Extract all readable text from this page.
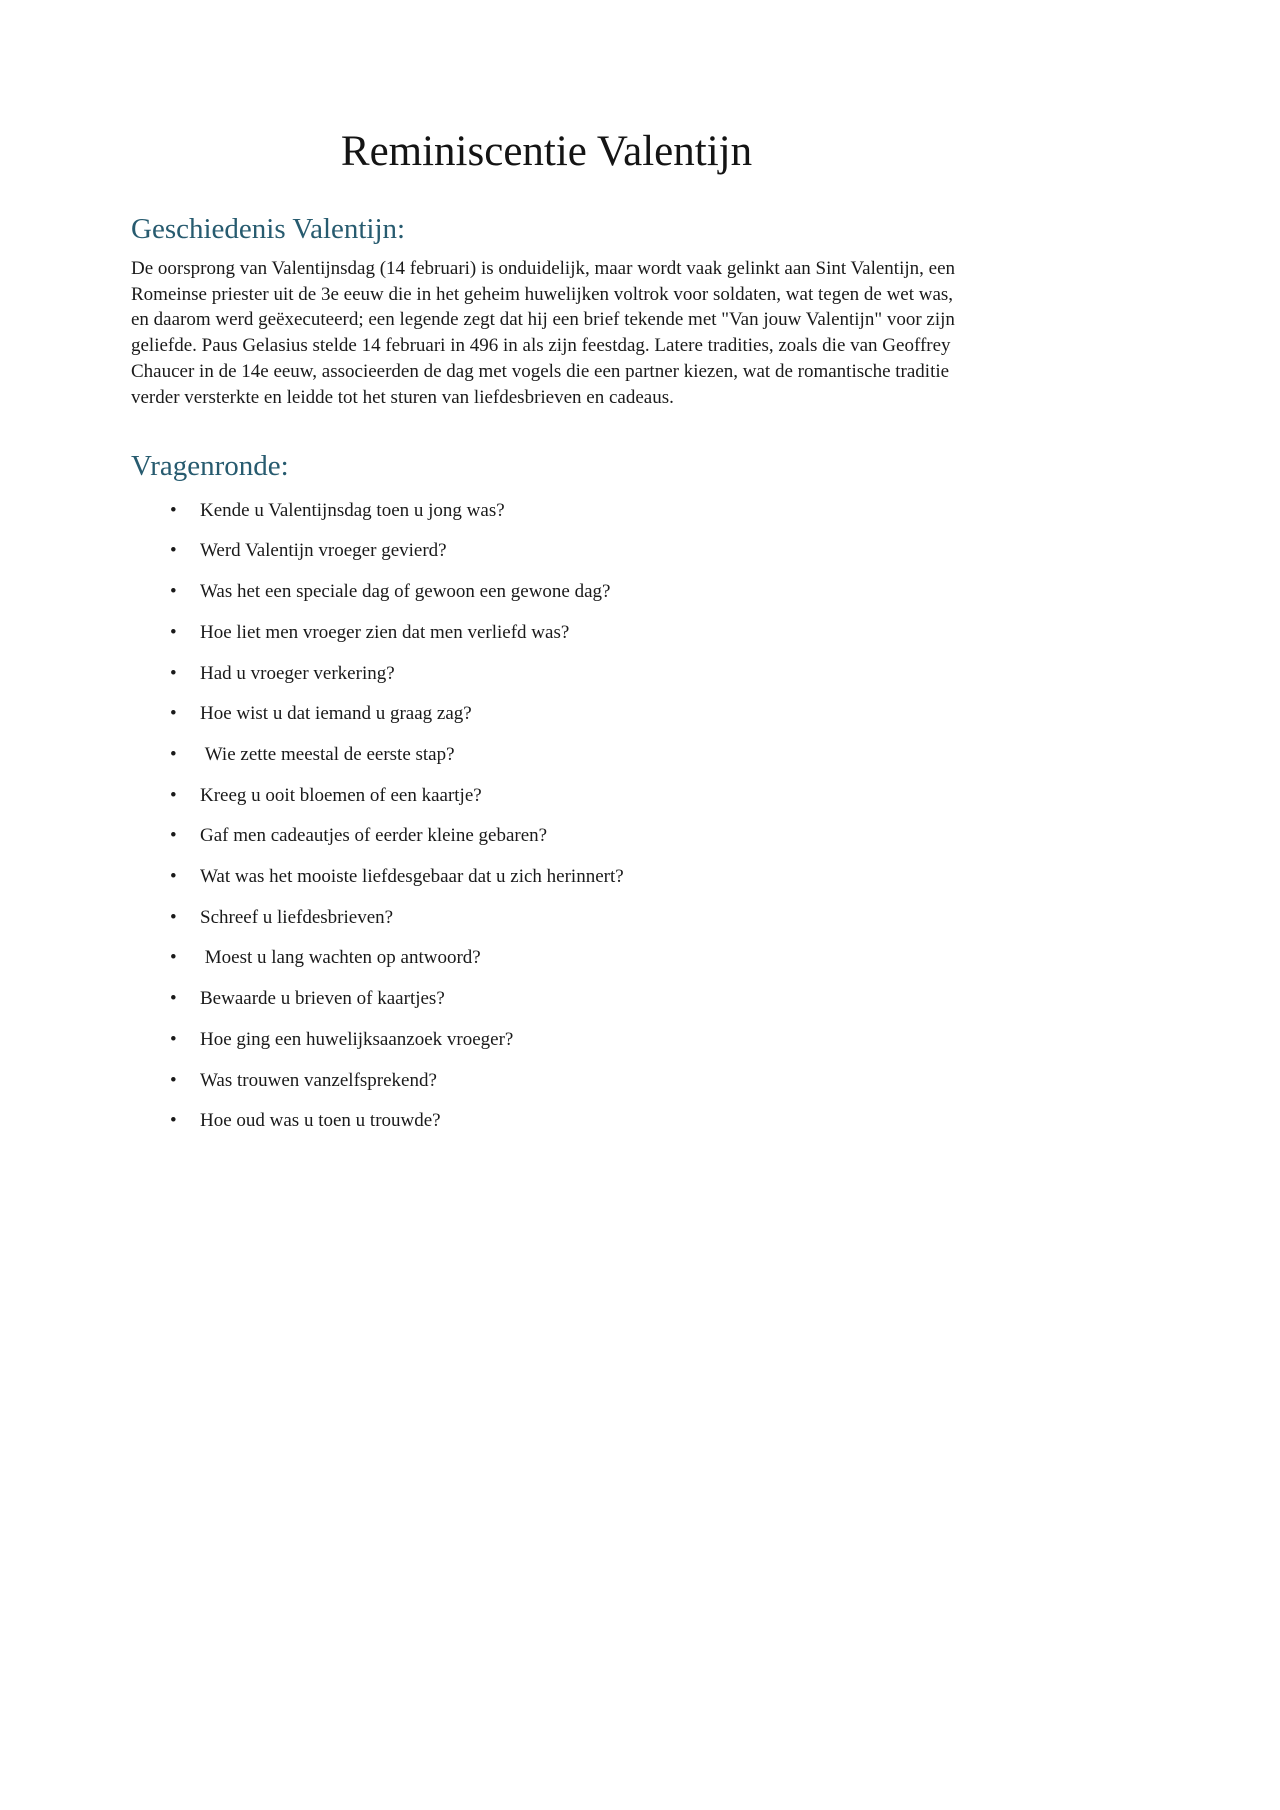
Reminiscentie Valentijn
Geschiedenis Valentijn:

De oorsprong van Valentijnsdag (14 februari) is onduidelijk, maar wordt vaak gelinkt aan Sint Valentijn, een Romeinse priester uit de 3e eeuw die in het geheim huwelijken voltrok voor soldaten, wat tegen de wet was, en daarom werd geëxecuteerd; een legende zegt dat hij een brief tekende met "Van jouw Valentijn" voor zijn geliefde. Paus Gelasius stelde 14 februari in 496 in als zijn feestdag. Latere tradities, zoals die van Geoffrey Chaucer in de 14e eeuw, associeerden de dag met vogels die een partner kiezen, wat de romantische traditie verder versterkte en leidde tot het sturen van liefdesbrieven en cadeaus.

Vragenronde:
•	Kende u Valentijnsdag toen u jong was?
•	Werd Valentijn vroeger gevierd?
•	Was het een speciale dag of gewoon een gewone dag?
•	Hoe liet men vroeger zien dat men verliefd was?
•	Had u vroeger verkering?
•	Hoe wist u dat iemand u graag zag?
•	Wie zette meestal de eerste stap?
•	Kreeg u ooit bloemen of een kaartje?
•	Gaf men cadeautjes of eerder kleine gebaren?
•	Wat was het mooiste liefdesgebaar dat u zich herinnert?
•	Schreef u liefdesbrieven?
•	Moest u lang wachten op antwoord?
•	Bewaarde u brieven of kaartjes?
•	Hoe ging een huwelijksaanzoek vroeger?
•	Was trouwen vanzelfsprekend?
•	Hoe oud was u toen u trouwde?
